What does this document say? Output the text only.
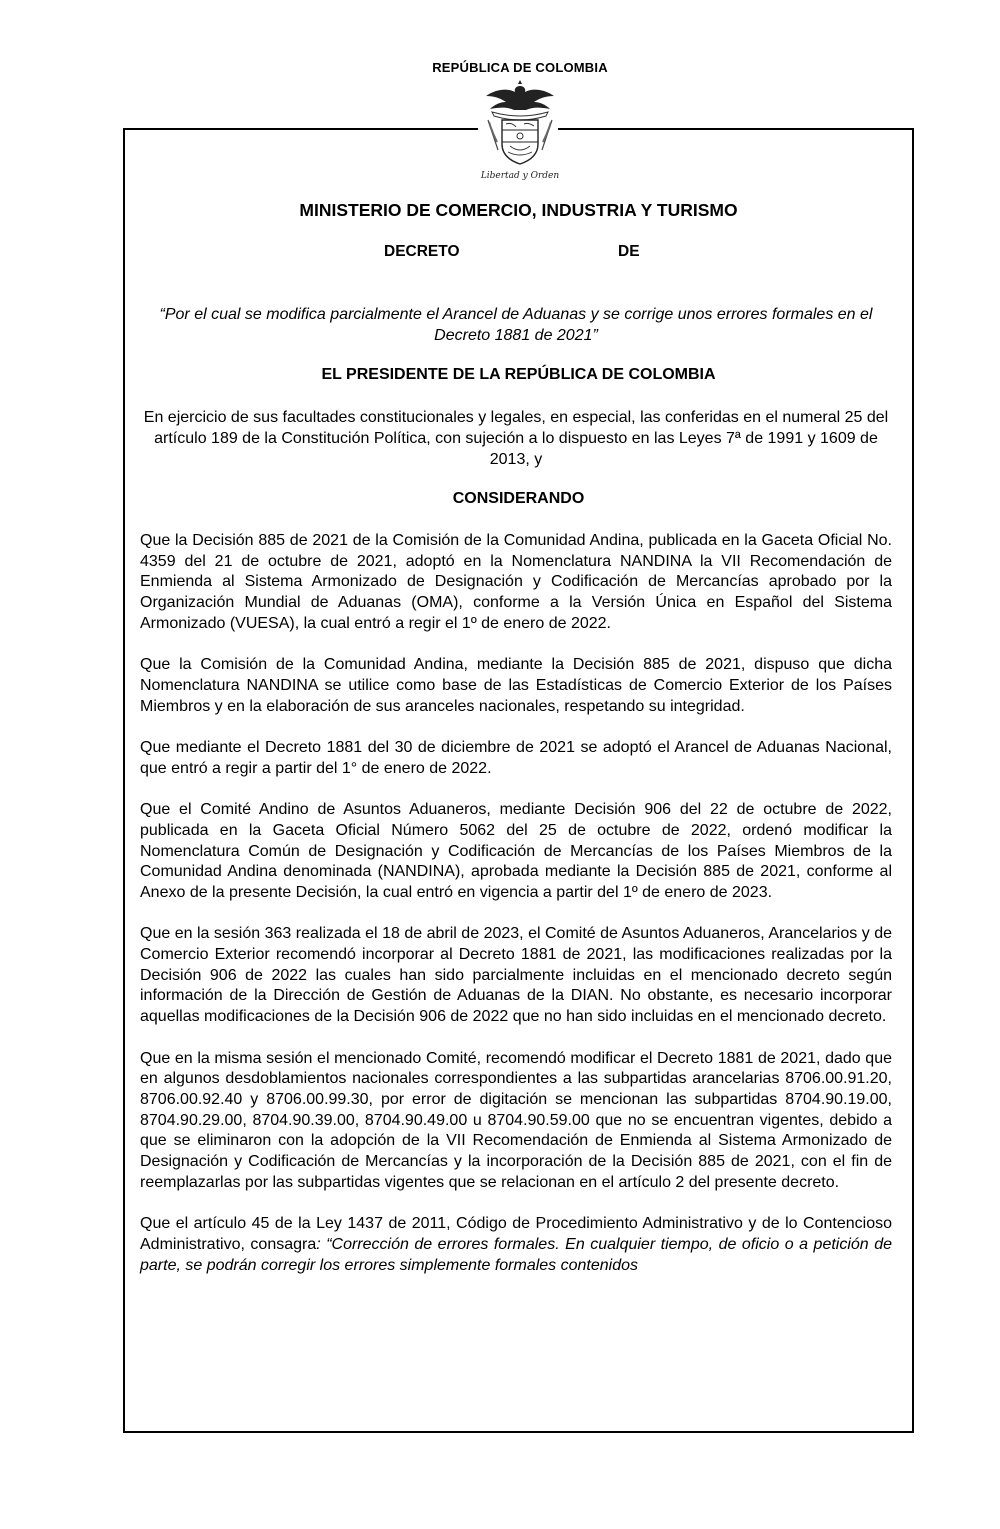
REPÚBLICA DE COLOMBIA
Libertad y Orden
MINISTERIO DE COMERCIO, INDUSTRIA Y TURISMO
DECRETO	DE
“Por el cual se modifica parcialmente el Arancel de Aduanas y se corrige unos errores formales en el Decreto 1881 de 2021”
EL PRESIDENTE DE LA REPÚBLICA DE COLOMBIA
En ejercicio de sus facultades constitucionales y legales, en especial, las conferidas en el numeral 25 del artículo 189 de la Constitución Política, con sujeción a lo dispuesto en las Leyes 7ª de 1991 y 1609 de 2013, y
CONSIDERANDO

Que la Decisión 885 de 2021 de la Comisión de la Comunidad Andina, publicada en la Gaceta Oficial No. 4359 del 21 de octubre de 2021, adoptó en la Nomenclatura NANDINA la VII Recomendación de Enmienda al Sistema Armonizado de Designación y Codificación de Mercancías aprobado por la Organización Mundial de Aduanas (OMA), conforme a la Versión Única en Español del Sistema Armonizado (VUESA), la cual entró a regir el 1º de enero de 2022.

Que la Comisión de la Comunidad Andina, mediante la Decisión 885 de 2021, dispuso que dicha Nomenclatura NANDINA se utilice como base de las Estadísticas de Comercio Exterior de los Países Miembros y en la elaboración de sus aranceles nacionales, respetando su integridad.

Que mediante el Decreto 1881 del 30 de diciembre de 2021 se adoptó el Arancel de Aduanas Nacional, que entró a regir a partir del 1° de enero de 2022.

Que el Comité Andino de Asuntos Aduaneros, mediante Decisión 906 del 22 de octubre de 2022, publicada en la Gaceta Oficial Número 5062 del 25 de octubre de 2022, ordenó modificar la Nomenclatura Común de Designación y Codificación de Mercancías de los Países Miembros de la Comunidad Andina denominada (NANDINA), aprobada mediante la Decisión 885 de 2021, conforme al Anexo de la presente Decisión, la cual entró en vigencia a partir del 1º de enero de 2023.

Que en la sesión 363 realizada el 18 de abril de 2023, el Comité de Asuntos Aduaneros, Arancelarios y de Comercio Exterior recomendó incorporar al Decreto 1881 de 2021, las modificaciones realizadas por la Decisión 906 de 2022 las cuales han sido parcialmente incluidas en el mencionado decreto según información de la Dirección de Gestión de Aduanas de la DIAN. No obstante, es necesario incorporar aquellas modificaciones de la Decisión 906 de 2022 que no han sido incluidas en el mencionado decreto.

Que en la misma sesión el mencionado Comité, recomendó modificar el Decreto 1881 de 2021, dado que en algunos desdoblamientos nacionales correspondientes a las subpartidas arancelarias 8706.00.91.20, 8706.00.92.40 y 8706.00.99.30, por error de digitación se mencionan las subpartidas 8704.90.19.00, 8704.90.29.00, 8704.90.39.00, 8704.90.49.00 u 8704.90.59.00 que no se encuentran vigentes, debido a que se eliminaron con la adopción de la VII Recomendación de Enmienda al Sistema Armonizado de Designación y Codificación de Mercancías y la incorporación de la Decisión 885 de 2021, con el fin de reemplazarlas por las subpartidas vigentes que se relacionan en el artículo 2 del presente decreto.

Que el artículo 45 de la Ley 1437 de 2011, Código de Procedimiento Administrativo y de lo Contencioso Administrativo, consagra: “Corrección de errores formales. En cualquier tiempo, de oficio o a petición de parte, se podrán corregir los errores simplemente formales contenidos
